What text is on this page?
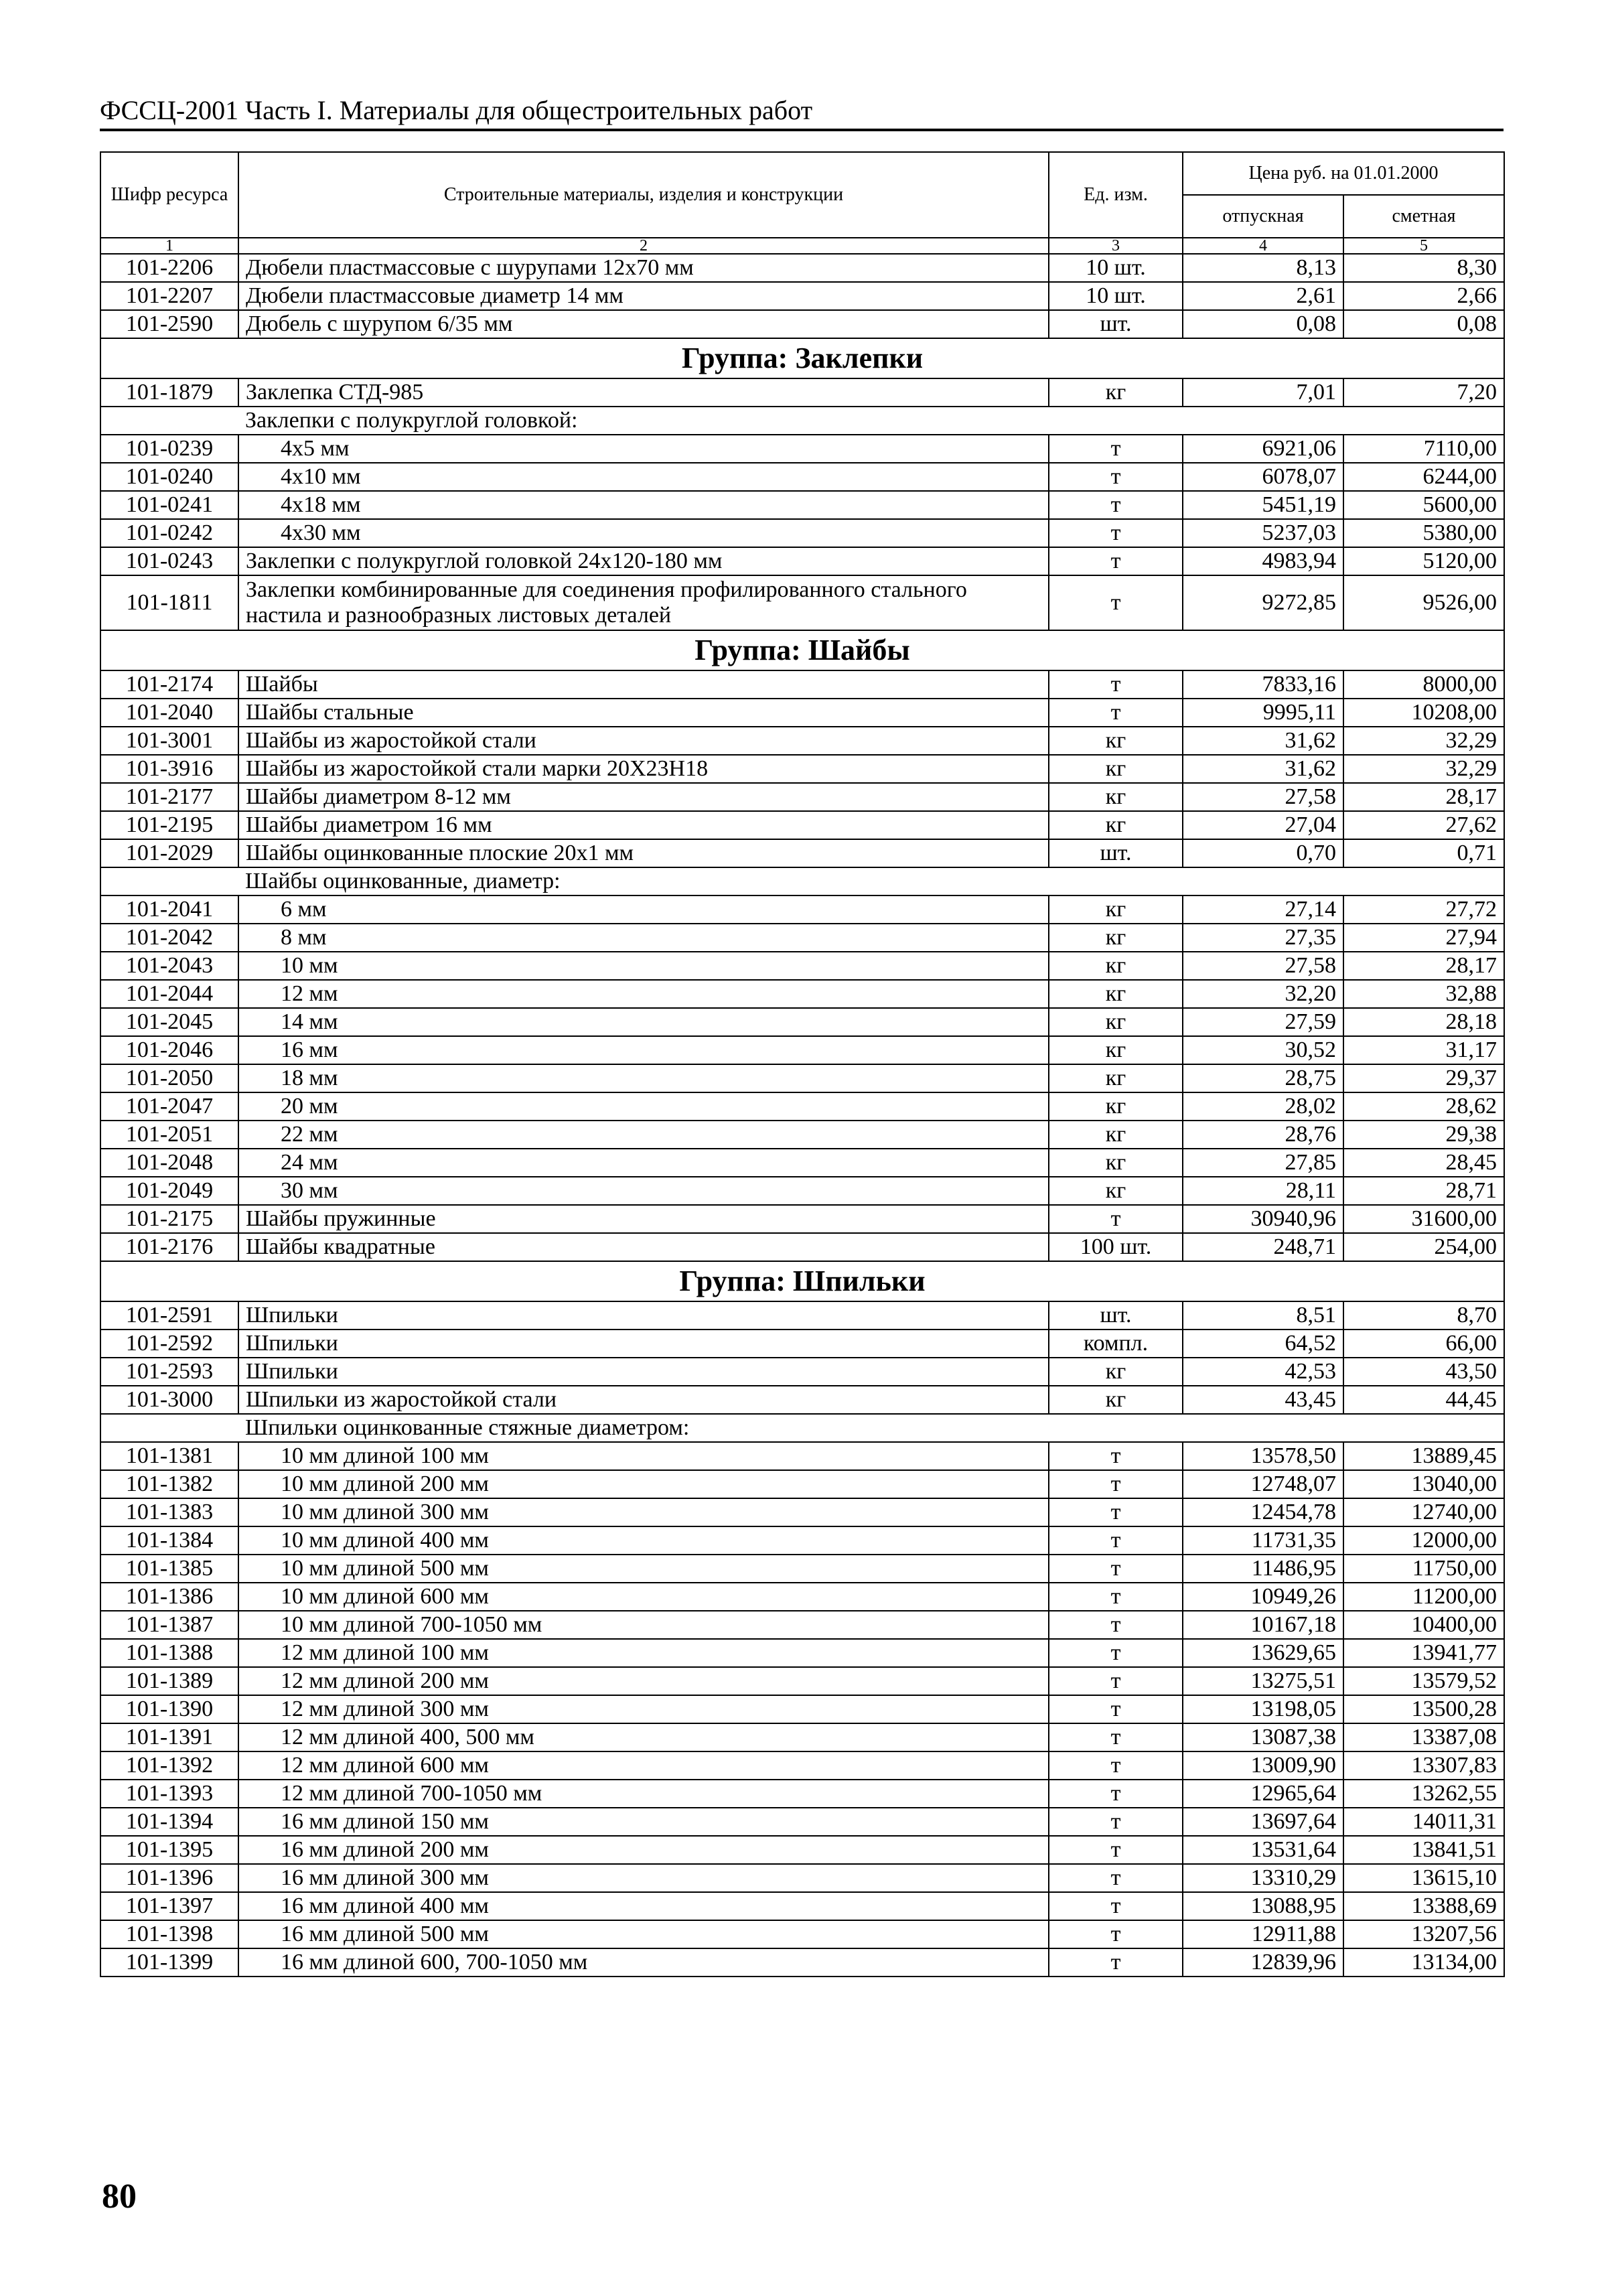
ФССЦ-2001 Часть I. Материалы для общестроительных работ
Шифр ресурса	Строительные материалы, изделия и конструкции	Ед. изм.	Цена руб. на 01.01.2000	
			отпускная	сметная
1	2	3	4	5
101-2206	Дюбели пластмассовые с шурупами 12х70 мм	10 шт.	8,13	8,30
101-2207	Дюбели пластмассовые диаметр 14 мм	10 шт.	2,61	2,66
101-2590	Дюбель с шурупом 6/35 мм	шт.	0,08	0,08
Группа: Заклепки				
101-1879	Заклепка СТД-985	кг	7,01	7,20
	Заклепки с полукруглой головкой:			
101-0239	4х5 мм	т	6921,06	7110,00
101-0240	4х10 мм	т	6078,07	6244,00
101-0241	4х18 мм	т	5451,19	5600,00
101-0242	4х30 мм	т	5237,03	5380,00
101-0243	Заклепки с полукруглой головкой 24х120-180 мм	т	4983,94	5120,00
101-1811	Заклепки комбинированные для соединения профилированного стального настила и разнообразных листовых деталей	т	9272,85	9526,00
Группа: Шайбы				
101-2174	Шайбы	т	7833,16	8000,00
101-2040	Шайбы стальные	т	9995,11	10208,00
101-3001	Шайбы из жаростойкой стали	кг	31,62	32,29
101-3916	Шайбы из жаростойкой стали марки 20Х23Н18	кг	31,62	32,29
101-2177	Шайбы диаметром 8-12 мм	кг	27,58	28,17
101-2195	Шайбы диаметром 16 мм	кг	27,04	27,62
101-2029	Шайбы оцинкованные плоские 20х1 мм	шт.	0,70	0,71
	Шайбы оцинкованные, диаметр:			
101-2041	6 мм	кг	27,14	27,72
101-2042	8 мм	кг	27,35	27,94
101-2043	10 мм	кг	27,58	28,17
101-2044	12 мм	кг	32,20	32,88
101-2045	14 мм	кг	27,59	28,18
101-2046	16 мм	кг	30,52	31,17
101-2050	18 мм	кг	28,75	29,37
101-2047	20 мм	кг	28,02	28,62
101-2051	22 мм	кг	28,76	29,38
101-2048	24 мм	кг	27,85	28,45
101-2049	30 мм	кг	28,11	28,71
101-2175	Шайбы пружинные	т	30940,96	31600,00
101-2176	Шайбы квадратные	100 шт.	248,71	254,00
Группа: Шпильки				
101-2591	Шпильки	шт.	8,51	8,70
101-2592	Шпильки	компл.	64,52	66,00
101-2593	Шпильки	кг	42,53	43,50
101-3000	Шпильки из жаростойкой стали	кг	43,45	44,45
	Шпильки оцинкованные стяжные диаметром:			
101-1381	10 мм длиной 100 мм	т	13578,50	13889,45
101-1382	10 мм длиной 200 мм	т	12748,07	13040,00
101-1383	10 мм длиной 300 мм	т	12454,78	12740,00
101-1384	10 мм длиной 400 мм	т	11731,35	12000,00
101-1385	10 мм длиной 500 мм	т	11486,95	11750,00
101-1386	10 мм длиной 600 мм	т	10949,26	11200,00
101-1387	10 мм длиной 700-1050 мм	т	10167,18	10400,00
101-1388	12 мм длиной 100 мм	т	13629,65	13941,77
101-1389	12 мм длиной 200 мм	т	13275,51	13579,52
101-1390	12 мм длиной 300 мм	т	13198,05	13500,28
101-1391	12 мм длиной 400, 500 мм	т	13087,38	13387,08
101-1392	12 мм длиной 600 мм	т	13009,90	13307,83
101-1393	12 мм длиной 700-1050 мм	т	12965,64	13262,55
101-1394	16 мм длиной 150 мм	т	13697,64	14011,31
101-1395	16 мм длиной 200 мм	т	13531,64	13841,51
101-1396	16 мм длиной 300 мм	т	13310,29	13615,10
101-1397	16 мм длиной 400 мм	т	13088,95	13388,69
101-1398	16 мм длиной 500 мм	т	12911,88	13207,56
101-1399	16 мм длиной 600, 700-1050 мм	т	12839,96	13134,00
80
